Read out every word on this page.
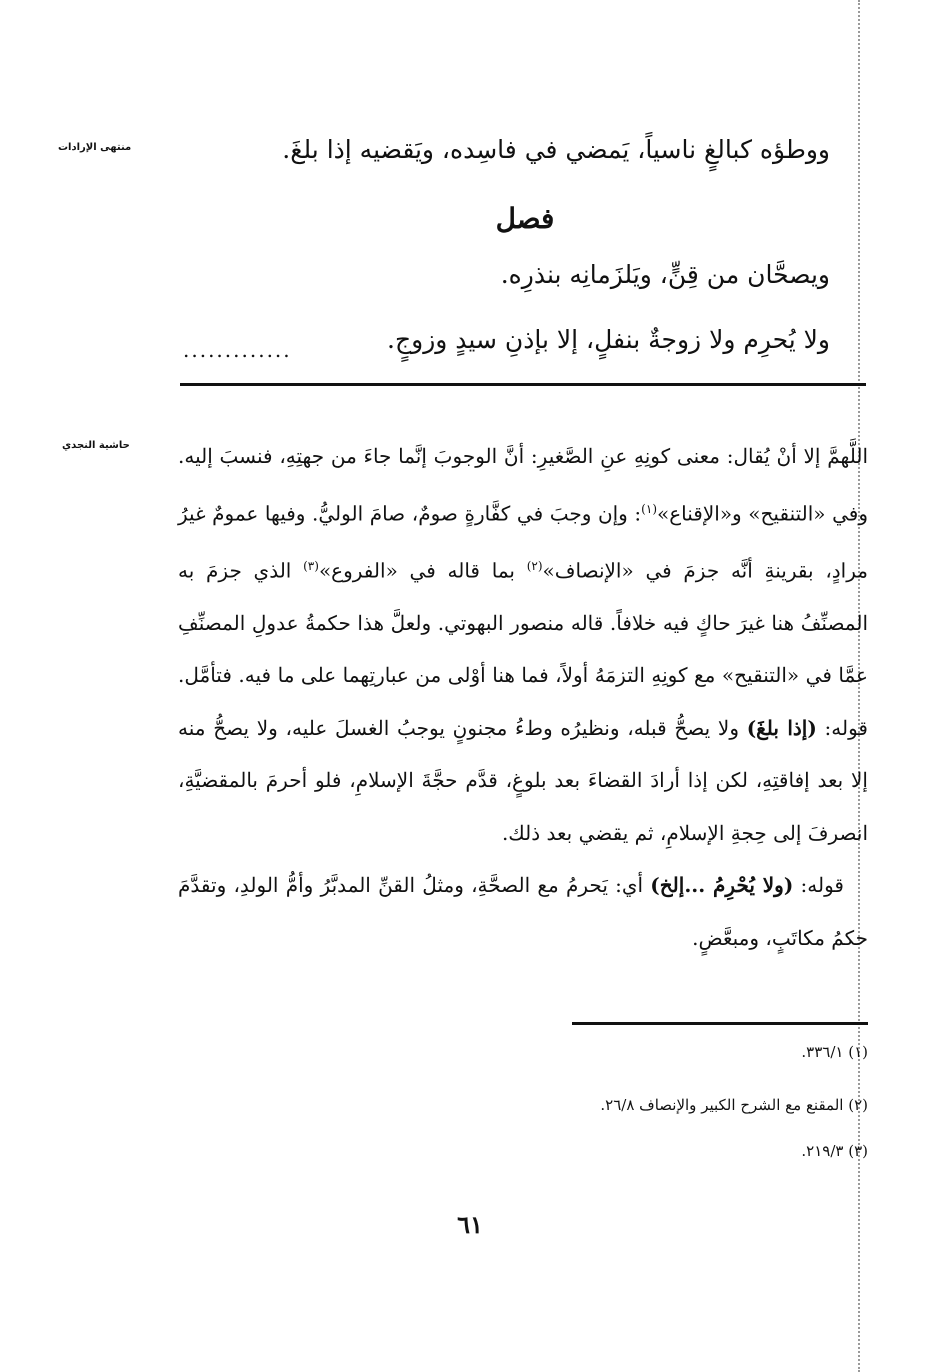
منتهى الإرادات
حاشية النجدي
ووطؤه كبالغٍ ناسياً، يَمضي في فاسِده، ويَقضيه إذا بلغَ.
فصل
ويصحَّان من قِنٍّ، ويَلزَمانِه بنذرِه.
ولا يُحرِم ولا زوجةٌ بنفلٍ، إلا بإذنِ سيدٍ وزوجٍ.
.............

اللَّهمَّ إلا أنْ يُقال: معنى كونِهِ عنِ الصَّغيرِ: أنَّ الوجوبَ إنَّما جاءَ من جهتِهِ، فنسبَ إليه. وفي «التنقيح» و«الإقناع»$^{(١)}$: وإن وجبَ في كفَّارةٍ صومٌ، صامَ الوليُّ. وفيها عمومٌ غيرُ مرادٍ، بقرينةِ أنَّه جزمَ في «الإنصاف»$^{(٢)}$ بما قاله في «الفروع»$^{(٣)}$ الذي جزمَ به المصنِّفُ هنا غيرَ حاكٍ فيه خلافاً. قاله منصور البهوتي. ولعلَّ هذا حكمةُ عدولِ المصنِّفِ عمَّا في «التنقيح» مع كونِهِ التزمَهُ أولاً، فما هنا أوْلى من عبارتِهما على ما فيه. فتأمَّل. قوله: (إذا بلغَ) ولا يصحُّ قبله، ونظيرُه وطءُ مجنونٍ يوجبُ الغسلَ عليه، ولا يصحُّ منه إلا بعد إفاقتِهِ، لكن إذا أرادَ القضاءَ بعد بلوغٍ، قدَّم حجَّةَ الإسلامِ، فلو أحرمَ بالمقضيَّةِ، انصرفَ إلى حِجةِ الإسلامِ، ثم يقضي بعد ذلك.

قوله: (ولا يُحْرِمُ ...إلخ) أي: يَحرمُ مع الصحَّةِ، ومثلُ القنِّ المدبَّرُ وأمُّ الولدِ، وتقدَّمَ حكمُ مكاتَبٍ، ومبعَّضٍ.

(١) ٣٣٦/١.
(٢) المقنع مع الشرح الكبير والإنصاف ٢٦/٨.
(٣) ٢١٩/٣.
٦١
